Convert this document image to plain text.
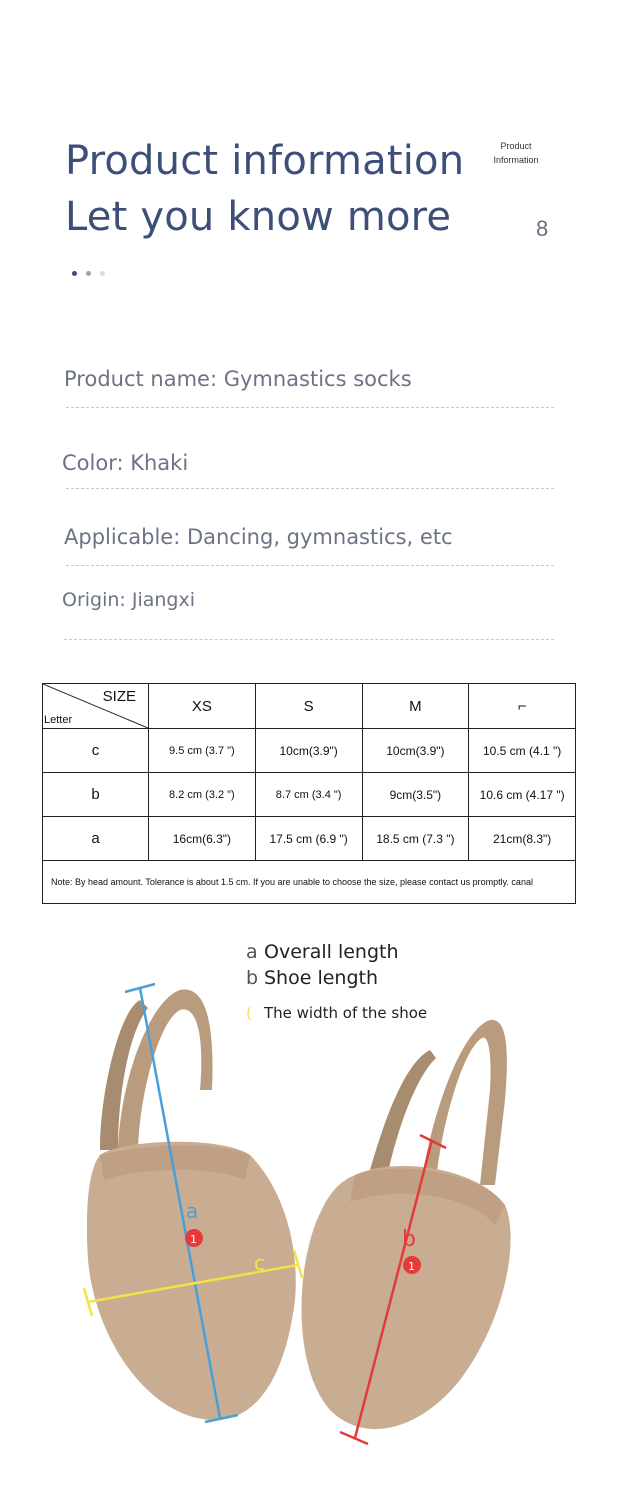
Product information
Let you know more
Product
Information
8
Product name: Gymnastics socks
Color: Khaki
Applicable: Dancing, gymnastics, etc
Origin: Jiangxi
SIZE
Letter	XS	S	M	⌐
c	9.5 cm (3.7 ")	10cm(3.9")	10cm(3.9")	10.5 cm (4.1 ")
b	8.2 cm (3.2 ")	8.7 cm (3.4 ")	9cm(3.5")	10.6 cm (4.17 ")
a	16cm(6.3")	17.5 cm (6.9 ")	18.5 cm (7.3 ")	21cm(8.3")
Note: By head amount. Tolerance is about 1.5 cm. If you are unable to choose the size, please contact us promptly. canal				
a Overall length
b Shoe length
( The width of the shoe
a
1	b
1
c
